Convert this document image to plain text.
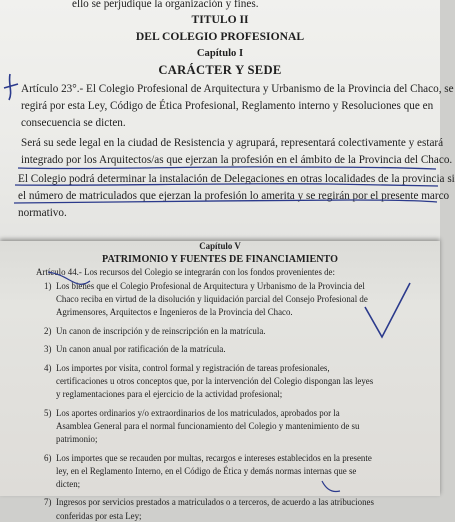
ello se perjudique la organización y fines.
TITULO II
DEL COLEGIO PROFESIONAL
Capítulo I
CARÁCTER Y SEDE
Artículo 23°.- El Colegio Profesional de Arquitectura y Urbanismo de la Provincia del Chaco, se
regirá por esta Ley, Código de Ética Profesional, Reglamento interno y Resoluciones que en
consecuencia se dicten.
Será su sede legal en la ciudad de Resistencia y agrupará, representará colectivamente y estará
integrado por los Arquitectos/as que ejerzan la profesión en el ámbito de la Provincia del Chaco.
El Colegio podrá determinar la instalación de Delegaciones en otras localidades de la provincia si
el número de matriculados que ejerzan la profesión lo amerita y se regirán por el presente marco
normativo.
Capítulo V
PATRIMONIO Y FUENTES DE FINANCIAMIENTO
Artículo 44.- Los recursos del Colegio se integrarán con los fondos provenientes de:
1) Los bienes que el Colegio Profesional de Arquitectura y Urbanismo de la Provincia del
Chaco reciba en virtud de la disolución y liquidación parcial del Consejo Profesional de
Agrimensores, Arquitectos e Ingenieros de la Provincia del Chaco.
2) Un canon de inscripción y de reinscripción en la matrícula.
3) Un canon anual por ratificación de la matrícula.
4) Los importes por visita, control formal y registración de tareas profesionales,
certificaciones u otros conceptos que, por la intervención del Colegio dispongan las leyes
y reglamentaciones para el ejercicio de la actividad profesional;
5) Los aportes ordinarios y/o extraordinarios de los matriculados, aprobados por la
Asamblea General para el normal funcionamiento del Colegio y mantenimiento de su
patrimonio;
6) Los importes que se recauden por multas, recargos e intereses establecidos en la presente
ley, en el Reglamento Interno, en el Código de Ética y demás normas internas que se
dicten;
7) Ingresos por servicios prestados a matriculados o a terceros, de acuerdo a las atribuciones
conferidas por esta Ley;
